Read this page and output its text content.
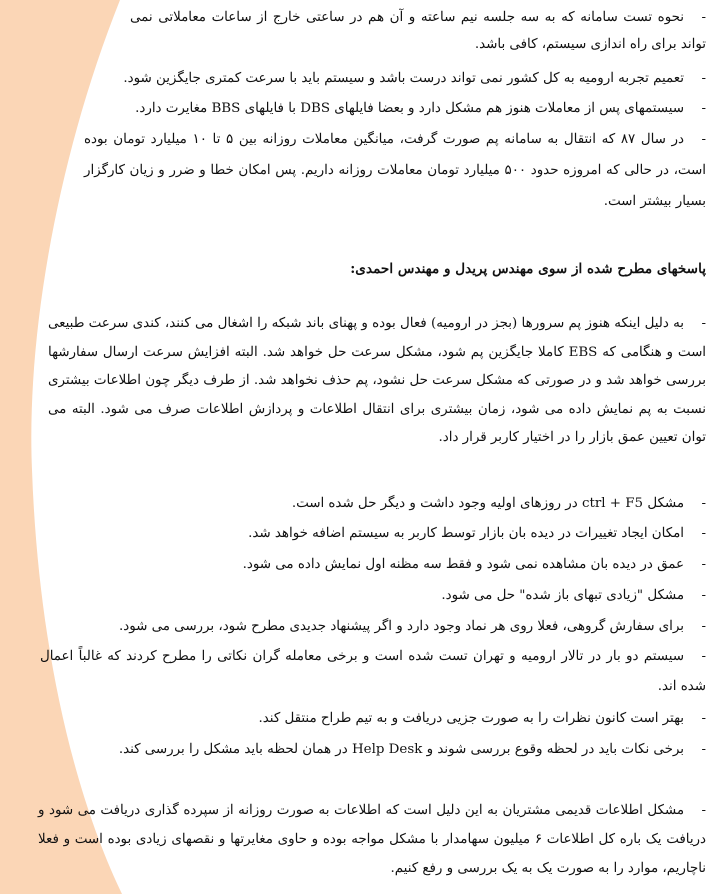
-نحوه تست سامانه که به سه جلسه نیم ساعته و آن هم در ساعتی خارج از ساعات معاملاتی نمی تواند برای راه اندازی سیستم، کافی باشد.

-تعمیم تجربه ارومیه به کل کشور نمی تواند درست باشد و سیستم باید با سرعت کمتری جایگزین شود.

-سیستمهای پس از معاملات هنوز هم مشکل دارد و بعضا فایلهای DBS با فایلهای BBS مغایرت دارد.

-در سال ۸۷ که انتقال به سامانه پم صورت گرفت، میانگین معاملات روزانه بین ۵ تا ۱۰ میلیارد تومان بوده است، در حالی که امروزه حدود ۵۰۰ میلیارد تومان معاملات روزانه داریم. پس امکان خطا و ضرر و زیان کارگزار بسیار بیشتر است.

پاسخهای مطرح شده از سوی مهندس پریدل و مهندس احمدی:

-به دلیل اینکه هنوز پم سرورها (بجز در ارومیه) فعال بوده و پهنای باند شبکه را اشغال می کنند، کندی سرعت طبیعی است و هنگامی که EBS کاملا جایگزین پم شود، مشکل سرعت حل خواهد شد. البته افزایش سرعت ارسال سفارشها بررسی خواهد شد و در صورتی که مشکل سرعت حل نشود، پم حذف نخواهد شد. از طرف دیگر چون اطلاعات بیشتری نسبت به پم نمایش داده می شود، زمان بیشتری برای انتقال اطلاعات و پردازش اطلاعات صرف می شود. البته می توان تعیین عمق بازار را در اختیار کاربر قرار داد.

-مشکل ctrl + F5 در روزهای اولیه وجود داشت و دیگر حل شده است.

-امکان ایجاد تغییرات در دیده بان بازار توسط کاربر به سیستم اضافه خواهد شد.

-عمق در دیده بان مشاهده نمی شود و فقط سه مظنه اول نمایش داده می شود.

-مشکل "زیادی تبهای باز شده" حل می شود.

-برای سفارش گروهی، فعلا روی هر نماد وجود دارد و اگر پیشنهاد جدیدی مطرح شود، بررسی می شود.

-سیستم دو بار در تالار ارومیه و تهران تست شده است و برخی معامله گران نکاتی را مطرح کردند که غالباً اعمال شده اند.

-بهتر است کانون نظرات را به صورت جزیی دریافت و به تیم طراح منتقل کند.

-برخی نکات باید در لحظه وقوع بررسی شوند و Help Desk در همان لحظه باید مشکل را بررسی کند.

-مشکل اطلاعات قدیمی مشتریان به این دلیل است که اطلاعات به صورت روزانه از سپرده گذاری دریافت می شود و دریافت یک باره کل اطلاعات ۶ میلیون سهامدار با مشکل مواجه بوده و حاوی مغایرتها و نقصهای زیادی بوده است و فعلا ناچاریم، موارد را به صورت یک به یک بررسی و رفع کنیم.
